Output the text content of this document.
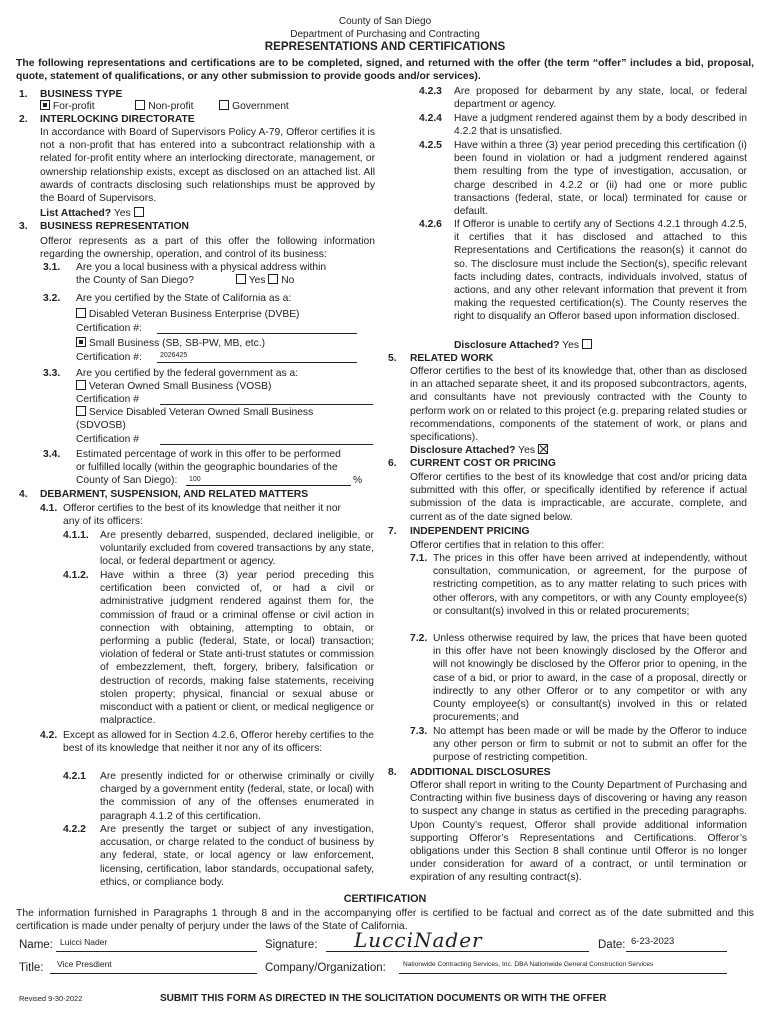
County of San Diego
Department of Purchasing and Contracting
REPRESENTATIONS AND CERTIFICATIONS
The following representations and certifications are to be completed, signed, and returned with the offer (the term “offer” includes a bid, proposal, quote, statement of qualifications, or any other submission to provide goods and/or services).
1. BUSINESS TYPE
For-profit	Non-profit	Government
2. INTERLOCKING DIRECTORATE
In accordance with Board of Supervisors Policy A-79, Offeror certifies it is not a non-profit that has entered into a subcontract relationship with a related for-profit entity where an interlocking directorate, management, or ownership relationship exists, except as disclosed on an attached list. All awards of contracts disclosing such relationships must be approved by the Board of Supervisors.
List Attached? Yes
3. BUSINESS REPRESENTATION
Offeror represents as a part of this offer the following information regarding the ownership, operation, and control of its business:
3.1. Are you a local business with a physical address within
the County of San Diego?	Yes No
3.2. Are you certified by the State of California as a:
Disabled Veteran Business Enterprise (DVBE)
Certification #:
Small Business (SB, SB-PW, MB, etc.)
Certification #:	2026425
3.3. Are you certified by the federal government as a:
Veteran Owned Small Business (VOSB)
Certification #
Service Disabled Veteran Owned Small Business
(SDVOSB)
Certification #
3.4. Estimated percentage of work in this offer to be performed
or fulfilled locally (within the geographic boundaries of the
County of San Diego): 100	%
4. DEBARMENT, SUSPENSION, AND RELATED MATTERS
4.1. Offeror certifies to the best of its knowledge that neither it nor
any of its officers:
4.1.1. Are presently debarred, suspended, declared ineligible, or voluntarily excluded from covered transactions by any state, local, or federal department or agency.
4.1.2. Have within a three (3) year period preceding this certification been convicted of, or had a civil or administrative judgment rendered against them for, the commission of fraud or a criminal offense or civil action in connection with obtaining, attempting to obtain, or performing a public (federal, State, or local) transaction; violation of federal or State anti-trust statutes or commission of embezzlement, theft, forgery, bribery, falsification or destruction of records, making false statements, receiving stolen property; physical, financial or sexual abuse or misconduct with a patient or client, or medical negligence or malpractice.
4.2. Except as allowed for in Section 4.2.6, Offeror hereby certifies to the best of its knowledge that neither it nor any of its officers:
4.2.1 Are presently indicted for or otherwise criminally or civilly charged by a government entity (federal, state, or local) with the commission of any of the offenses enumerated in paragraph 4.1.2 of this certification.
4.2.2 Are presently the target or subject of any investigation, accusation, or charge related to the conduct of business by any federal, state, or local agency or law enforcement, licensing, certification, labor standards, occupational safety, ethics, or compliance body.
4.2.3 Are proposed for debarment by any state, local, or federal department or agency.
4.2.4 Have a judgment rendered against them by a body described in 4.2.2 that is unsatisfied.
4.2.5 Have within a three (3) year period preceding this certification (i) been found in violation or had a judgment rendered against them resulting from the type of investigation, accusation, or charge described in 4.2.2 or (ii) had one or more public transactions (federal, state, or local) terminated for cause or default.
4.2.6 If Offeror is unable to certify any of Sections 4.2.1 through 4.2.5, it certifies that it has disclosed and attached to this Representations and Certifications the reason(s) it cannot do so. The disclosure must include the Section(s), specific relevant facts including dates, contracts, individuals involved, status of actions, and any other relevant information that prevent it from making the requested certification(s). The County reserves the right to disqualify an Offeror based upon information disclosed.
Disclosure Attached? Yes
5. RELATED WORK
Offeror certifies to the best of its knowledge that, other than as disclosed in an attached separate sheet, it and its proposed subcontractors, agents, and consultants have not previously contracted with the County to perform work on or related to this project (e.g. preparing related studies or recommendations, components of the statement of work, or plans and specifications).
Disclosure Attached? Yes
6. CURRENT COST OR PRICING
Offeror certifies to the best of its knowledge that cost and/or pricing data submitted with this offer, or specifically identified by reference if actual submission of the data is impracticable, are accurate, complete, and current as of the date signed below.
7. INDEPENDENT PRICING
Offeror certifies that in relation to this offer:
7.1. The prices in this offer have been arrived at independently, without consultation, communication, or agreement, for the purpose of restricting competition, as to any matter relating to such prices with other offerors, with any competitors, or with any County employee(s) or consultant(s) involved in this or related procurements;
7.2. Unless otherwise required by law, the prices that have been quoted in this offer have not been knowingly disclosed by the Offeror and will not knowingly be disclosed by the Offeror prior to opening, in the case of a bid, or prior to award, in the case of a proposal, directly or indirectly to any other Offeror or to any competitor or with any County employee(s) or consultant(s) involved in this or related procurements; and
7.3. No attempt has been made or will be made by the Offeror to induce any other person or firm to submit or not to submit an offer for the purpose of restricting competition.
8. ADDITIONAL DISCLOSURES
Offeror shall report in writing to the County Department of Purchasing and Contracting within five business days of discovering or having any reason to suspect any change in status as certified in the preceding paragraphs. Upon County’s request, Offeror shall provide additional information supporting Offeror’s Representations and Certifications. Offeror’s obligations under this Section 8 shall continue until Offeror is no longer under consideration for award of a contract, or until termination or expiration of any resulting contract(s).
CERTIFICATION
The information furnished in Paragraphs 1 through 8 and in the accompanying offer is certified to be factual and correct as of the date submitted and this certification is made under penalty of perjury under the laws of the State of California.
Name: Luicci Nader	Signature: LucciNader	Date: 6-23-2023
Title: Vice Presdient	Company/Organization:	Nationwide Contracting Services, Inc. DBA Nationwide General Construction Services
Revised 9-30-2022	SUBMIT THIS FORM AS DIRECTED IN THE SOLICITATION DOCUMENTS OR WITH THE OFFER
